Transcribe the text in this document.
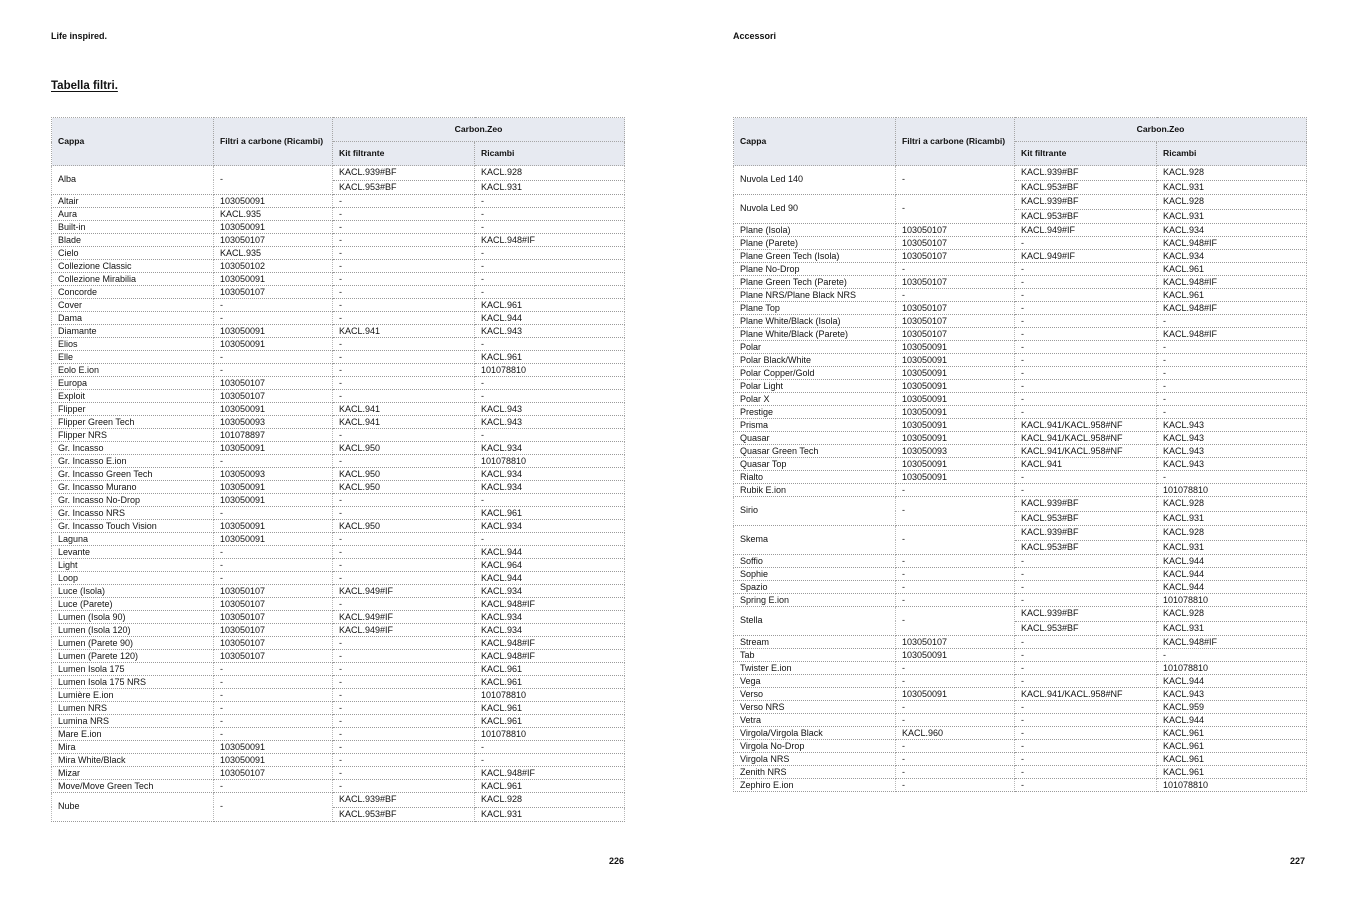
Life inspired.	Accessori
Tabella filtri.
Cappa	Filtri a carbone (Ricambi)	Carbon.Zeo	
		Kit filtrante	Ricambi
Alba	-	KACL.939#BF	KACL.928
		KACL.953#BF	KACL.931
Altair	103050091	-	-
Aura	KACL.935	-	-
Built-in	103050091	-	-
Blade	103050107	-	KACL.948#IF
Cielo	KACL.935	-	-
Collezione Classic	103050102	-	-
Collezione Mirabilia	103050091	-	-
Concorde	103050107	-	-
Cover	-	-	KACL.961
Dama	-	-	KACL.944
Diamante	103050091	KACL.941	KACL.943
Elios	103050091	-	-
Elle	-	-	KACL.961
Eolo E.ion	-	-	101078810
Europa	103050107	-	-
Exploit	103050107	-	-
Flipper	103050091	KACL.941	KACL.943
Flipper Green Tech	103050093	KACL.941	KACL.943
Flipper NRS	101078897	-	-
Gr. Incasso	103050091	KACL.950	KACL.934
Gr. Incasso E.ion	-	-	101078810
Gr. Incasso Green Tech	103050093	KACL.950	KACL.934
Gr. Incasso Murano	103050091	KACL.950	KACL.934
Gr. Incasso No-Drop	103050091	-	-
Gr. Incasso NRS	-	-	KACL.961
Gr. Incasso Touch Vision	103050091	KACL.950	KACL.934
Laguna	103050091	-	-
Levante	-	-	KACL.944
Light	-	-	KACL.964
Loop	-	-	KACL.944
Luce (Isola)	103050107	KACL.949#IF	KACL.934
Luce (Parete)	103050107	-	KACL.948#IF
Lumen (Isola 90)	103050107	KACL.949#IF	KACL.934
Lumen (Isola 120)	103050107	KACL.949#IF	KACL.934
Lumen (Parete 90)	103050107	-	KACL.948#IF
Lumen (Parete 120)	103050107	-	KACL.948#IF
Lumen Isola 175	-	-	KACL.961
Lumen Isola 175 NRS	-	-	KACL.961
Lumière E.ion	-	-	101078810
Lumen NRS	-	-	KACL.961
Lumina NRS	-	-	KACL.961
Mare E.ion	-	-	101078810
Mira	103050091	-	-
Mira White/Black	103050091	-	-
Mizar	103050107	-	KACL.948#IF
Move/Move Green Tech	-	-	KACL.961
Nube	-	KACL.939#BF	KACL.928
		KACL.953#BF	KACL.931
Cappa	Filtri a carbone (Ricambi)	Carbon.Zeo	
		Kit filtrante	Ricambi
Nuvola Led 140	-	KACL.939#BF	KACL.928
		KACL.953#BF	KACL.931
Nuvola Led 90	-	KACL.939#BF	KACL.928
		KACL.953#BF	KACL.931
Plane (Isola)	103050107	KACL.949#IF	KACL.934
Plane (Parete)	103050107	-	KACL.948#IF
Plane Green Tech (Isola)	103050107	KACL.949#IF	KACL.934
Plane No-Drop	-	-	KACL.961
Plane Green Tech (Parete)	103050107	-	KACL.948#IF
Plane NRS/Plane Black NRS	-	-	KACL.961
Plane Top	103050107	-	KACL.948#IF
Plane White/Black (Isola)	103050107	-	-
Plane White/Black (Parete)	103050107	-	KACL.948#IF
Polar	103050091	-	-
Polar Black/White	103050091	-	-
Polar Copper/Gold	103050091	-	-
Polar Light	103050091	-	-
Polar X	103050091	-	-
Prestige	103050091	-	-
Prisma	103050091	KACL.941/KACL.958#NF	KACL.943
Quasar	103050091	KACL.941/KACL.958#NF	KACL.943
Quasar Green Tech	103050093	KACL.941/KACL.958#NF	KACL.943
Quasar Top	103050091	KACL.941	KACL.943
Rialto	103050091	-	-
Rubik E.ion	-	-	101078810
Sirio	-	KACL.939#BF	KACL.928
		KACL.953#BF	KACL.931
Skema	-	KACL.939#BF	KACL.928
		KACL.953#BF	KACL.931
Soffio	-	-	KACL.944
Sophie	-	-	KACL.944
Spazio	-	-	KACL.944
Spring E.ion	-	-	101078810
Stella	-	KACL.939#BF	KACL.928
		KACL.953#BF	KACL.931
Stream	103050107	-	KACL.948#IF
Tab	103050091	-	-
Twister E.ion	-	-	101078810
Vega	-	-	KACL.944
Verso	103050091	KACL.941/KACL.958#NF	KACL.943
Verso NRS	-	-	KACL.959
Vetra	-	-	KACL.944
Virgola/Virgola Black	KACL.960	-	KACL.961
Virgola No-Drop	-	-	KACL.961
Virgola NRS	-	-	KACL.961
Zenith NRS	-	-	KACL.961
Zephiro E.ion	-	-	101078810
226	227
